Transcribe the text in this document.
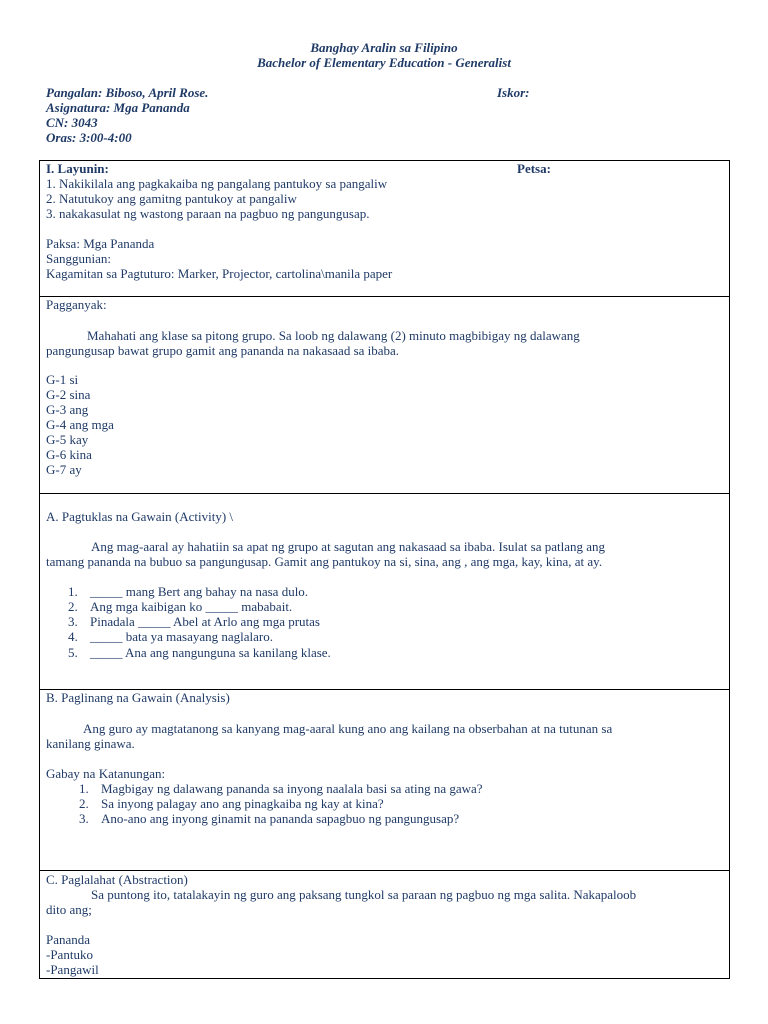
Banghay Aralin sa Filipino
Bachelor of Elementary Education - Generalist
Pangalan: Biboso, April Rose.	Iskor:
Asignatura: Mga Pananda
CN: 3043
Oras: 3:00-4:00
I. Layunin:	Petsa:
1. Nakikilala ang pagkakaiba ng pangalang pantukoy sa pangaliw
2. Natutukoy ang gamitng pantukoy at pangaliw
3. nakakasulat ng wastong paraan na pagbuo ng pangungusap.
Paksa: Mga Pananda
Sanggunian:
Kagamitan sa Pagtuturo: Marker, Projector, cartolina\manila paper
Pagganyak:
Mahahati ang klase sa pitong grupo. Sa loob ng dalawang (2) minuto magbibigay ng dalawang
pangungusap bawat grupo gamit ang pananda na nakasaad sa ibaba.
G-1 si
G-2 sina
G-3 ang
G-4 ang mga
G-5 kay
G-6 kina
G-7 ay
A. Pagtuklas na Gawain (Activity) \
Ang mag-aaral ay hahatiin sa apat ng grupo at sagutan ang nakasaad sa ibaba. Isulat sa patlang ang
tamang pananda na bubuo sa pangungusap. Gamit ang pantukoy na si, sina, ang , ang mga, kay, kina, at ay.
1. _____ mang Bert ang bahay na nasa dulo.
2. Ang mga kaibigan ko _____ mababait.
3. Pinadala _____ Abel at Arlo ang mga prutas
4. _____ bata ya masayang naglalaro.
5. _____ Ana ang nangunguna sa kanilang klase.
B. Paglinang na Gawain (Analysis)
Ang guro ay magtatanong sa kanyang mag-aaral kung ano ang kailang na obserbahan at na tutunan sa
kanilang ginawa.
Gabay na Katanungan:
1. Magbigay ng dalawang pananda sa inyong naalala basi sa ating na gawa?
2. Sa inyong palagay ano ang pinagkaiba ng kay at kina?
3. Ano-ano ang inyong ginamit na pananda sapagbuo ng pangungusap?
C. Paglalahat (Abstraction)
Sa puntong ito, tatalakayin ng guro ang paksang tungkol sa paraan ng pagbuo ng mga salita. Nakapaloob
dito ang;
Pananda
-Pantuko
-Pangawil
